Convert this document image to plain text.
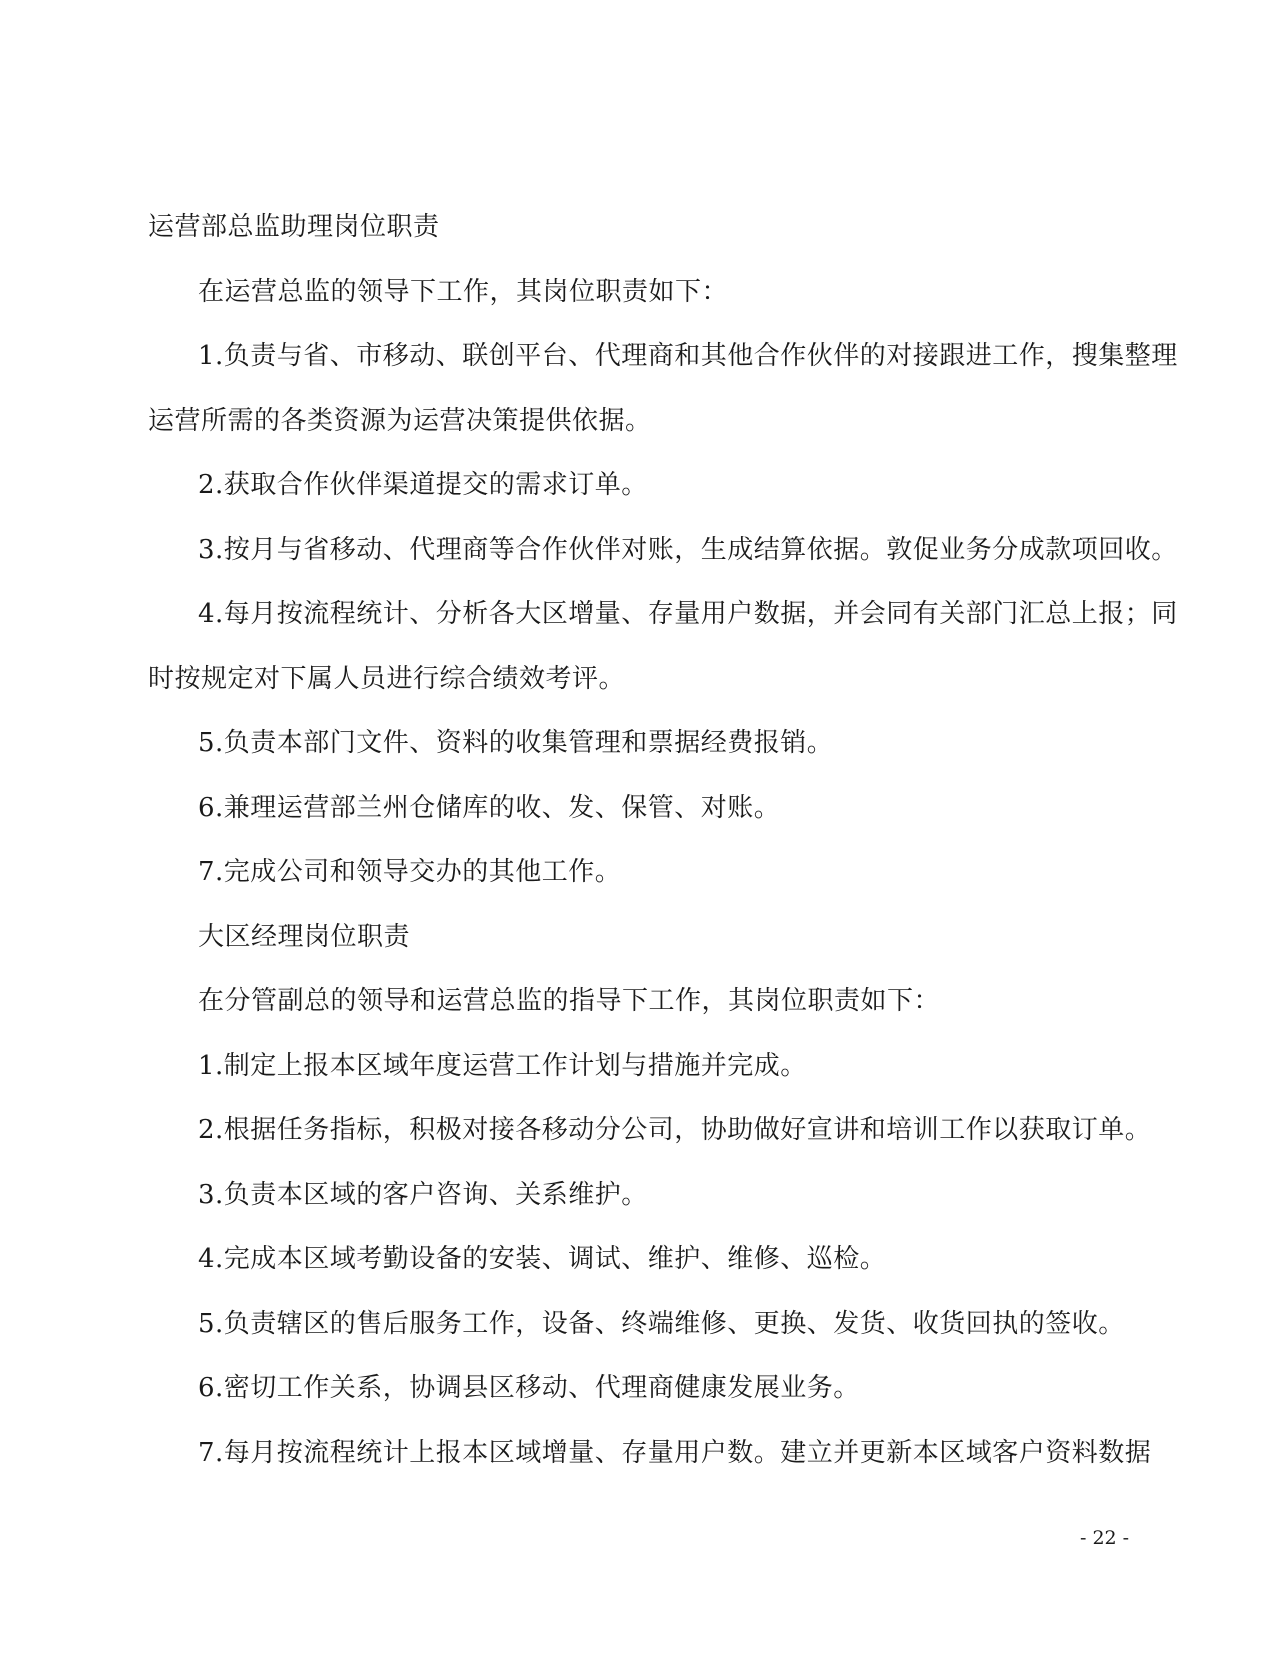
运营部总监助理岗位职责
在运营总监的领导下工作，其岗位职责如下：
1.负责与省、市移动、联创平台、代理商和其他合作伙伴的对接跟进工作，搜集整理
运营所需的各类资源为运营决策提供依据。
2.获取合作伙伴渠道提交的需求订单。
3.按月与省移动、代理商等合作伙伴对账，生成结算依据。敦促业务分成款项回收。
4.每月按流程统计、分析各大区增量、存量用户数据，并会同有关部门汇总上报；同
时按规定对下属人员进行综合绩效考评。
5.负责本部门文件、资料的收集管理和票据经费报销。
6.兼理运营部兰州仓储库的收、发、保管、对账。
7.完成公司和领导交办的其他工作。
大区经理岗位职责
在分管副总的领导和运营总监的指导下工作，其岗位职责如下：
1.制定上报本区域年度运营工作计划与措施并完成。
2.根据任务指标，积极对接各移动分公司，协助做好宣讲和培训工作以获取订单。
3.负责本区域的客户咨询、关系维护。
4.完成本区域考勤设备的安装、调试、维护、维修、巡检。
5.负责辖区的售后服务工作，设备、终端维修、更换、发货、收货回执的签收。
6.密切工作关系，协调县区移动、代理商健康发展业务。
7.每月按流程统计上报本区域增量、存量用户数。建立并更新本区域客户资料数据
- 22 -
